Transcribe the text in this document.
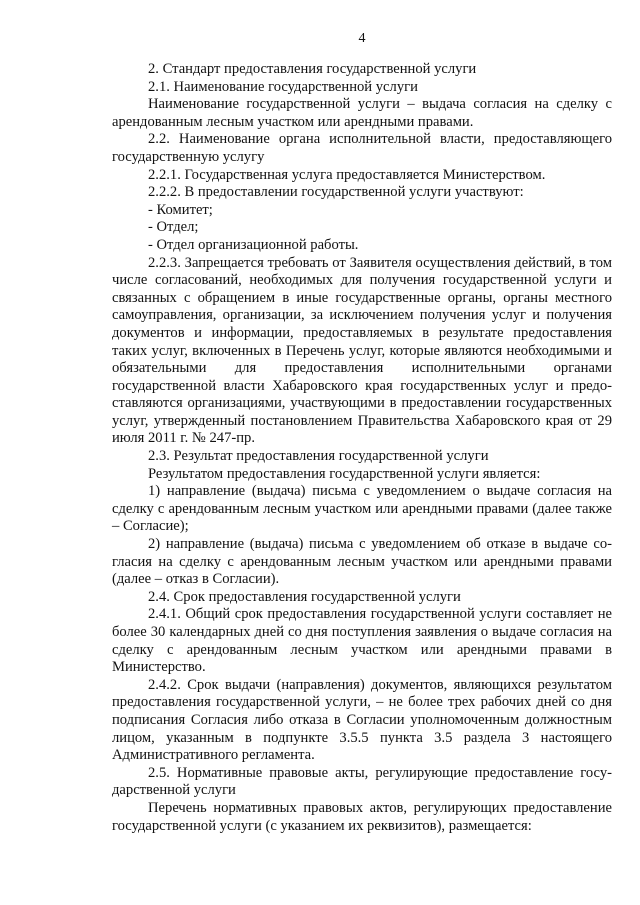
4

2. Стандарт предоставления государственной услуги

2.1. Наименование государственной услуги

Наименование государственной услуги – выдача согласия на сделку с арендованным лесным участком или арендными правами.

2.2. Наименование органа исполнительной власти, предоставляющего государственную услугу

2.2.1. Государственная услуга предоставляется Министерством.

2.2.2. В предоставлении государственной услуги участвуют:

- Комитет;

- Отдел;

- Отдел организационной работы.

2.2.3. Запрещается требовать от Заявителя осуществления действий, в том числе согласований, необходимых для получения государственной услуги и связанных с обращением в иные государственные органы, органы местного самоуправления, организации, за исключением получения услуг и получения документов и информации, предоставляемых в результате предоставления таких услуг, включенных в Перечень услуг, которые являются необходимыми и обязательными для предоставления исполнительными органами государственной власти Хабаровского края государственных услуг и предоставляются организациями, участвующими в предоставлении государственных услуг, утвержденный постановлением Правительства Хабаровского края от 29 июля 2011 г. № 247-пр.

2.3. Результат предоставления государственной услуги

Результатом предоставления государственной услуги является:

1) направление (выдача) письма с уведомлением о выдаче согласия на сделку с арендованным лесным участком или арендными правами (далее также – Согласие);

2) направление (выдача) письма с уведомлением об отказе в выдаче согласия на сделку с арендованным лесным участком или арендными правами (далее – отказ в Согласии).

2.4. Срок предоставления государственной услуги

2.4.1. Общий срок предоставления государственной услуги составляет не более 30 календарных дней со дня поступления заявления о выдаче согласия на сделку с арендованным лесным участком или арендными правами в Министерство.

2.4.2. Срок выдачи (направления) документов, являющихся результатом предоставления государственной услуги, – не более трех рабочих дней со дня подписания Согласия либо отказа в Согласии уполномоченным должностным лицом, указанным в подпункте 3.5.5 пункта 3.5 раздела 3 настоящего Административного регламента.

2.5. Нормативные правовые акты, регулирующие предоставление государственной услуги

Перечень нормативных правовых актов, регулирующих предоставление государственной услуги (с указанием их реквизитов), размещается:
